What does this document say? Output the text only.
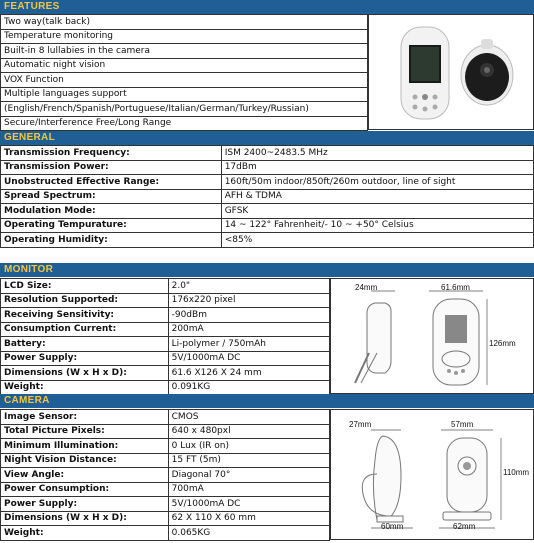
FEATURES
Two way(talk back)
Temperature monitoring
Built-in 8 lullabies in the camera
Automatic night vision
VOX Function
Multiple languages support
(English/French/Spanish/Portuguese/Italian/German/Turkey/Russian)
Secure/Interference Free/Long Range
GENERAL
Transmission Frequency:	ISM 2400~2483.5 MHz
Transmission Power:	17dBm
Unobstructed Effective Range:	160ft/50m indoor/850ft/260m outdoor, line of sight
Spread Spectrum:	AFH & TDMA
Modulation Mode:	GFSK
Operating Tempurature:	14 ~ 122° Fahrenheit/- 10 ~ +50° Celsius
Operating Humidity:	<85%
MONITOR
LCD Size:	2.0"
Resolution Supported:	176x220 pixel
Receiving Sensitivity:	-90dBm
Consumption Current:	200mA
Battery:	Li-polymer / 750mAh
Power Supply:	5V/1000mA DC
Dimensions (W x H x D):	61.6 X126 X 24 mm
Weight:	0.091KG
24mm	61.6mm
126mm
CAMERA
Image Sensor:	CMOS
Total Picture Pixels:	640 x 480pxl
Minimum Illumination:	0 Lux (IR on)
Night Vision Distance:	15 FT (5m)
View Angle:	Diagonal 70°
Power Consumption:	700mA
Power Supply:	5V/1000mA DC
Dimensions (W x H x D):	62 X 110 X 60 mm
Weight:	0.065KG
27mm	57mm
110mm
60mm	62mm
